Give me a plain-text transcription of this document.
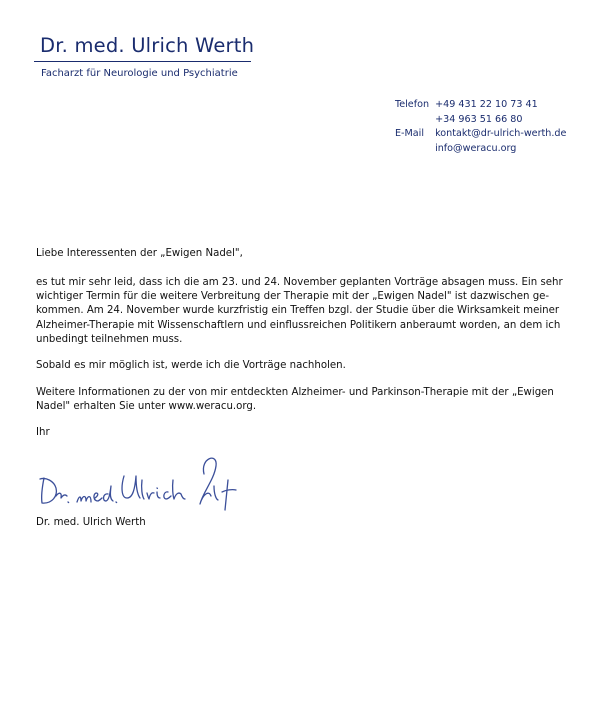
Dr. med. Ulrich Werth
Facharzt für Neurologie und Psychiatrie
Telefon +49 431 22 10 73 41
+34 963 51 66 80
E-Mail kontakt@dr-ulrich-werth.de
info@weracu.org

Liebe Interessenten der „Ewigen Nadel",

es tut mir sehr leid, dass ich die am 23. und 24. November geplanten Vorträge absagen muss. Ein sehr

wichtiger Termin für die weitere Verbreitung der Therapie mit der „Ewigen Nadel" ist dazwischen ge-

kommen. Am 24. November wurde kurzfristig ein Treffen bzgl. der Studie über die Wirksamkeit meiner

Alzheimer-Therapie mit Wissenschaftlern und einflussreichen Politikern anberaumt worden, an dem ich

unbedingt teilnehmen muss.

Sobald es mir möglich ist, werde ich die Vorträge nachholen.

Weitere Informationen zu der von mir entdeckten Alzheimer- und Parkinson-Therapie mit der „Ewigen

Nadel" erhalten Sie unter www.weracu.org.

Ihr

Dr. med. Ulrich Werth
